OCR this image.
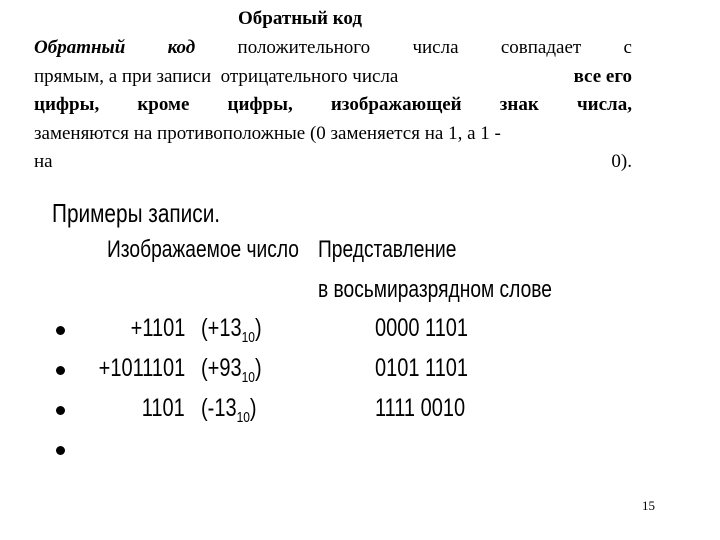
Обратный код
Обратный код положительного числа совпадает с
прямым, а при записи  отрицательного числа	все его
цифры, кроме цифры, изображающей знак числа,
заменяются на противоположные (0 заменяется на 1, а 1 -
на	0).
Примеры записи.
Изображаемое число Представление
в восьмиразрядном слове
+1101 $(+13_{10})$	0000 1101
+1011101 $(+93_{10})$	0101 1101
1101 $(-13_{10})$	1111 0010
15
